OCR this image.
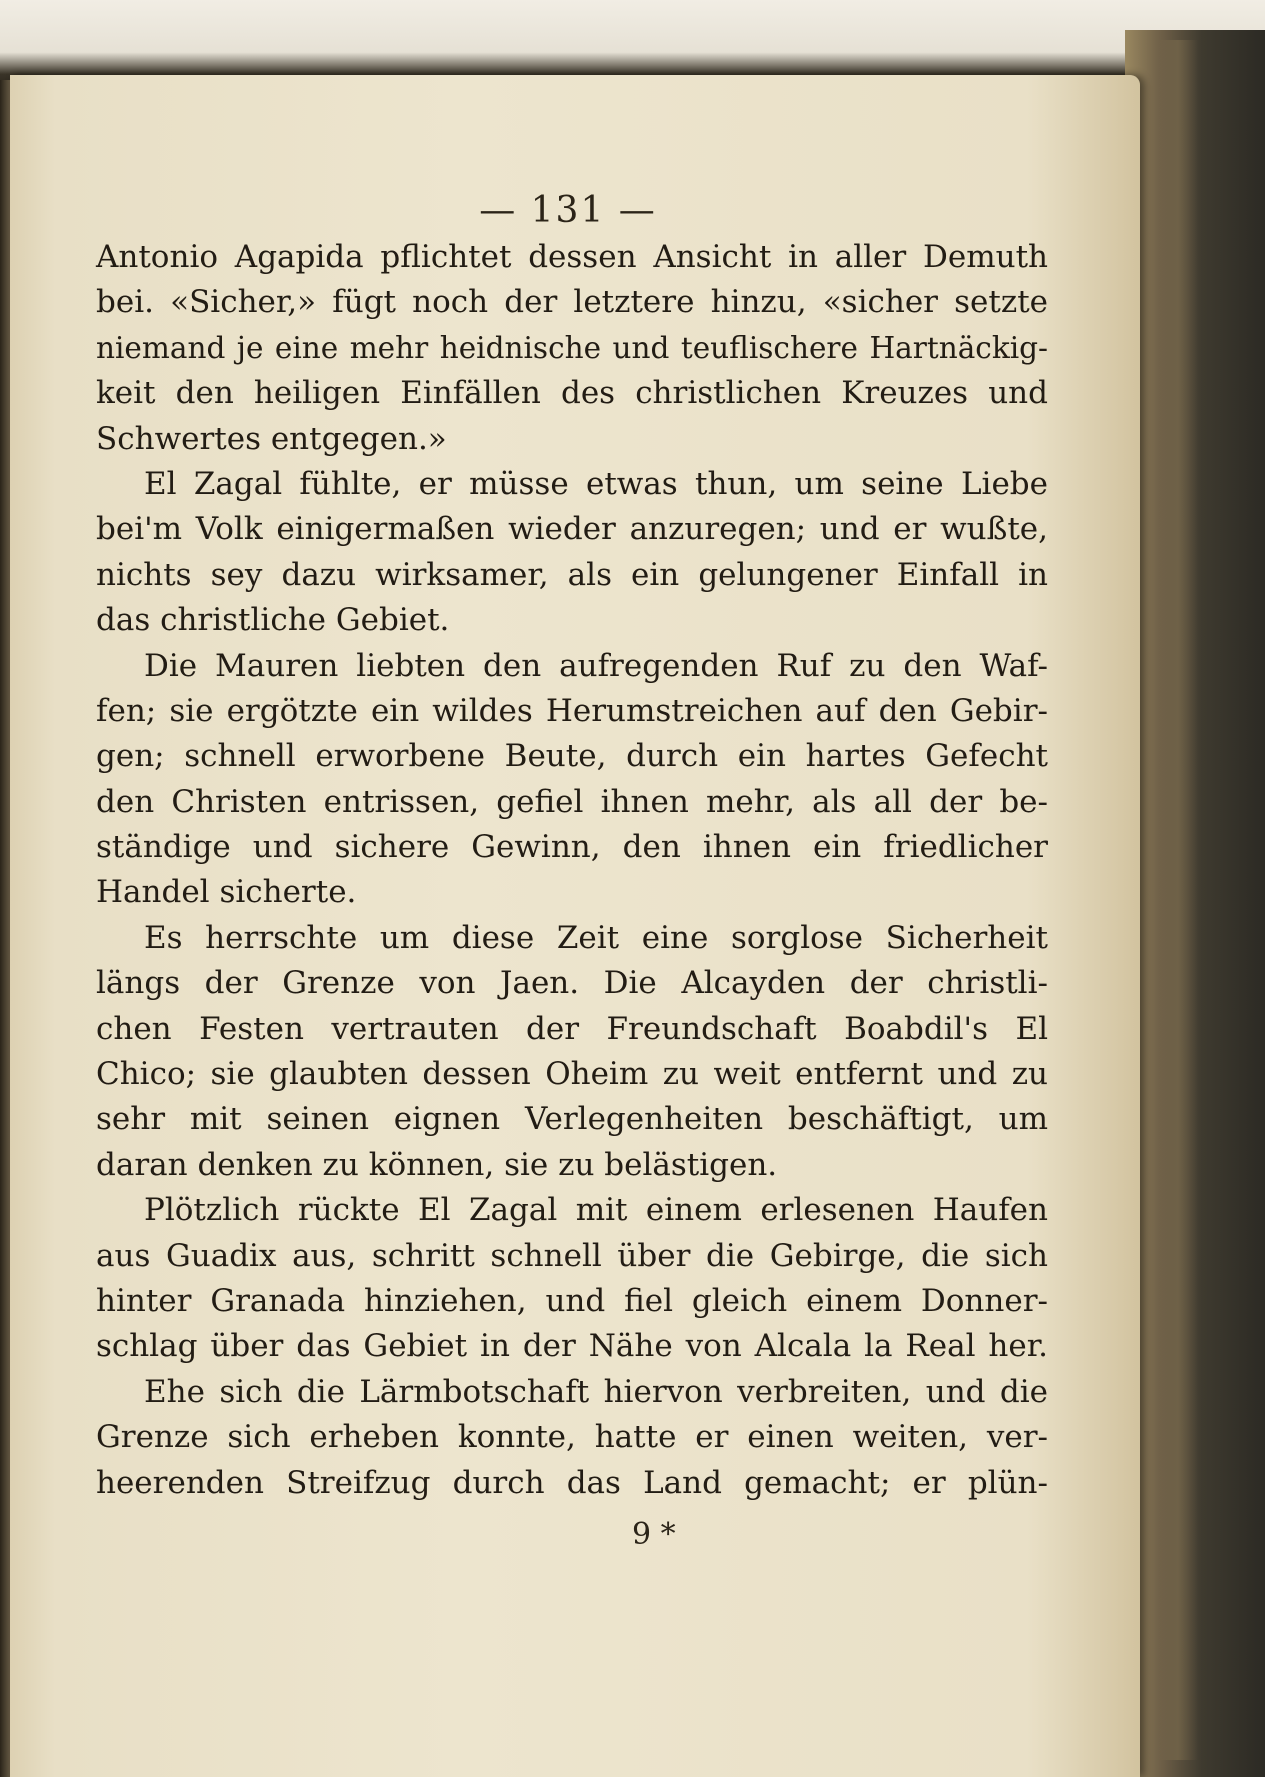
— 131 —
Antonio Agapida pflichtet dessen Ansicht in aller Demuth
bei. «Sicher,» fügt noch der letztere hinzu, «sicher setzte
niemand je eine mehr heidnische und teuflischere Hartnäckig-
keit den heiligen Einfällen des christlichen Kreuzes und
Schwertes entgegen.»
El Zagal fühlte, er müsse etwas thun, um seine Liebe
bei'm Volk einigermaßen wieder anzuregen; und er wußte,
nichts sey dazu wirksamer, als ein gelungener Einfall in
das christliche Gebiet.
Die Mauren liebten den aufregenden Ruf zu den Waf-
fen; sie ergötzte ein wildes Herumstreichen auf den Gebir-
gen; schnell erworbene Beute, durch ein hartes Gefecht
den Christen entrissen, gefiel ihnen mehr, als all der be-
ständige und sichere Gewinn, den ihnen ein friedlicher
Handel sicherte.
Es herrschte um diese Zeit eine sorglose Sicherheit
längs der Grenze von Jaen. Die Alcayden der christli-
chen Festen vertrauten der Freundschaft Boabdil's El
Chico; sie glaubten dessen Oheim zu weit entfernt und zu
sehr mit seinen eignen Verlegenheiten beschäftigt, um
daran denken zu können, sie zu belästigen.
Plötzlich rückte El Zagal mit einem erlesenen Haufen
aus Guadix aus, schritt schnell über die Gebirge, die sich
hinter Granada hinziehen, und fiel gleich einem Donner-
schlag über das Gebiet in der Nähe von Alcala la Real her.
Ehe sich die Lärmbotschaft hiervon verbreiten, und die
Grenze sich erheben konnte, hatte er einen weiten, ver-
heerenden Streifzug durch das Land gemacht; er plün-
9 *
